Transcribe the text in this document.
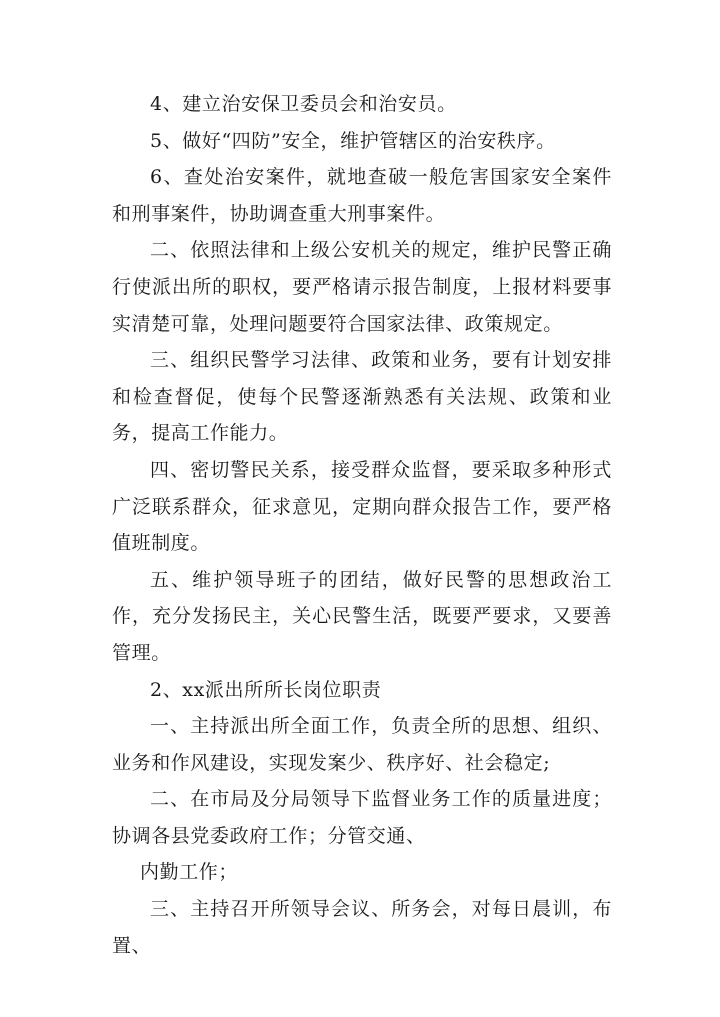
4、建立治安保卫委员会和治安员。

5、做好“四防”安全，维护管辖区的治安秩序。

6、查处治安案件，就地查破一般危害国家安全案件和刑事案件，协助调查重大刑事案件。

二、依照法律和上级公安机关的规定，维护民警正确行使派出所的职权，要严格请示报告制度，上报材料要事实清楚可靠，处理问题要符合国家法律、政策规定。

三、组织民警学习法律、政策和业务，要有计划安排和检查督促，使每个民警逐渐熟悉有关法规、政策和业务，提高工作能力。

四、密切警民关系，接受群众监督，要采取多种形式广泛联系群众，征求意见，定期向群众报告工作，要严格值班制度。

五、维护领导班子的团结，做好民警的思想政治工作，充分发扬民主，关心民警生活，既要严要求，又要善管理。

2、xx派出所所长岗位职责

一、主持派出所全面工作，负责全所的思想、组织、业务和作风建设，实现发案少、秩序好、社会稳定;

二、在市局及分局领导下监督业务工作的质量进度；协调各县党委政府工作；分管交通、

内勤工作；

三、主持召开所领导会议、所务会，对每日晨训，布置、
